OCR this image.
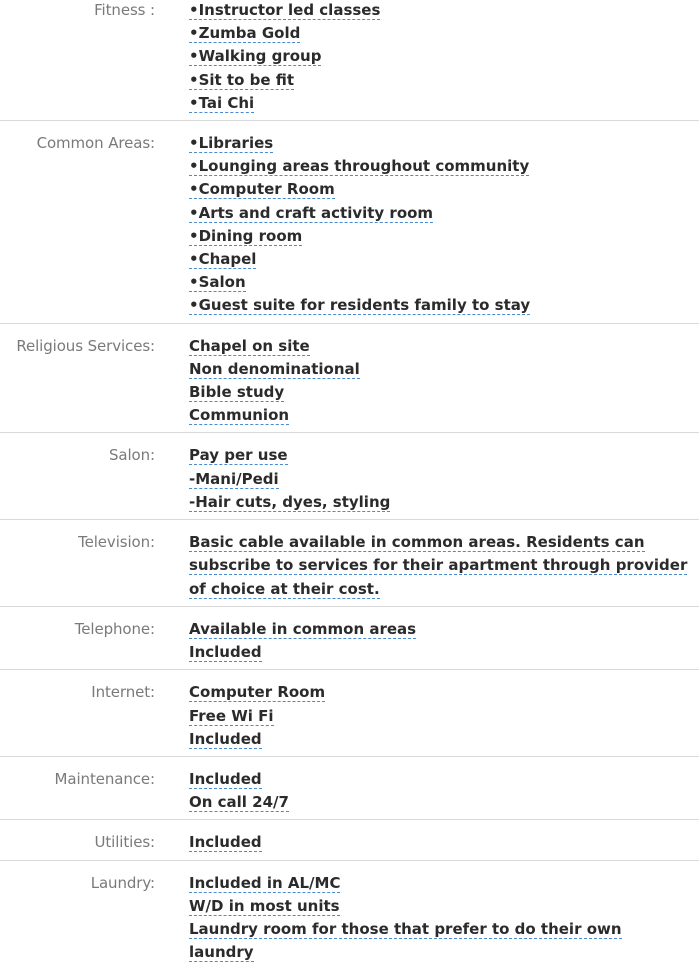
Fitness : •Instructor led classes
•Zumba Gold
•Walking group
•Sit to be fit
•Tai Chi
Common Areas: •Libraries
•Lounging areas throughout community
•Computer Room
•Arts and craft activity room
•Dining room
•Chapel
•Salon
•Guest suite for residents family to stay
Religious Services: Chapel on site
Non denominational
Bible study
Communion
Salon: Pay per use
-Mani/Pedi
-Hair cuts, dyes, styling
Television: Basic cable available in common areas. Residents can
subscribe to services for their apartment through provider
of choice at their cost.
Telephone: Available in common areas
Included
Internet: Computer Room
Free Wi Fi
Included
Maintenance: Included
On call 24/7
Utilities: Included
Laundry: Included in AL/MC
W/D in most units
Laundry room for those that prefer to do their own laundry
